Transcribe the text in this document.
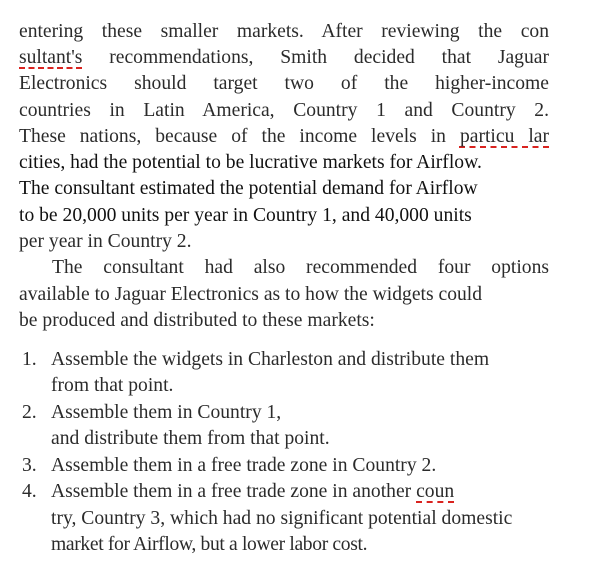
entering these smaller markets. After reviewing the con
sultant's recommendations, Smith decided that Jaguar
Electronics should target two of the higher-income
countries in Latin America, Country 1 and Country 2.
These nations, because of the income levels in particu lar
cities, had the potential to be lucrative markets for Airflow.
The consultant estimated the potential demand for Airflow
to be 20,000 units per year in Country 1, and 40,000 units
per year in Country 2.
The consultant had also recommended four options
available to Jaguar Electronics as to how the widgets could
be produced and distributed to these markets:
1. Assemble the widgets in Charleston and distribute them
from that point.
2. Assemble them in Country 1,
and distribute them from that point.
3. Assemble them in a free trade zone in Country 2.
4. Assemble them in a free trade zone in another coun
try, Country 3, which had no significant potential domestic
market for Airflow, but a lower labor cost.
